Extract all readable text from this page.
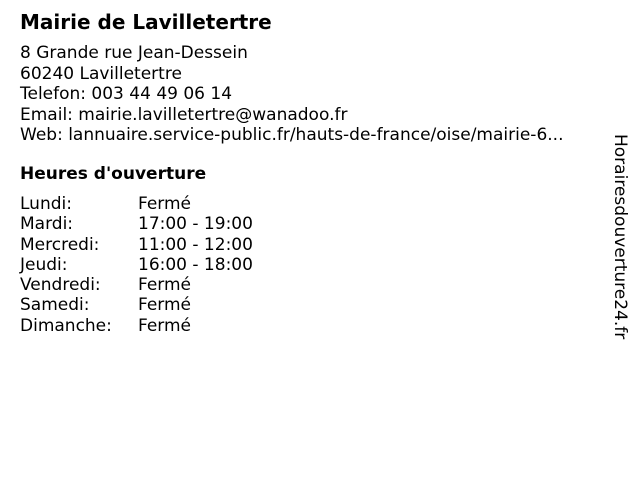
Mairie de Lavilletertre
8 Grande rue Jean-Dessein
60240 Lavilletertre
Telefon: 003 44 49 06 14
Email: mairie.lavilletertre@wanadoo.fr
Web: lannuaire.service-public.fr/hauts-de-france/oise/mairie-6...
Heures d'ouverture
Lundi:	Fermé
Mardi:	17:00 - 19:00
Mercredi:	11:00 - 12:00
Jeudi:	16:00 - 18:00
Vendredi:	Fermé
Samedi:	Fermé
Dimanche:	Fermé	Horairesdouverture24.fr
